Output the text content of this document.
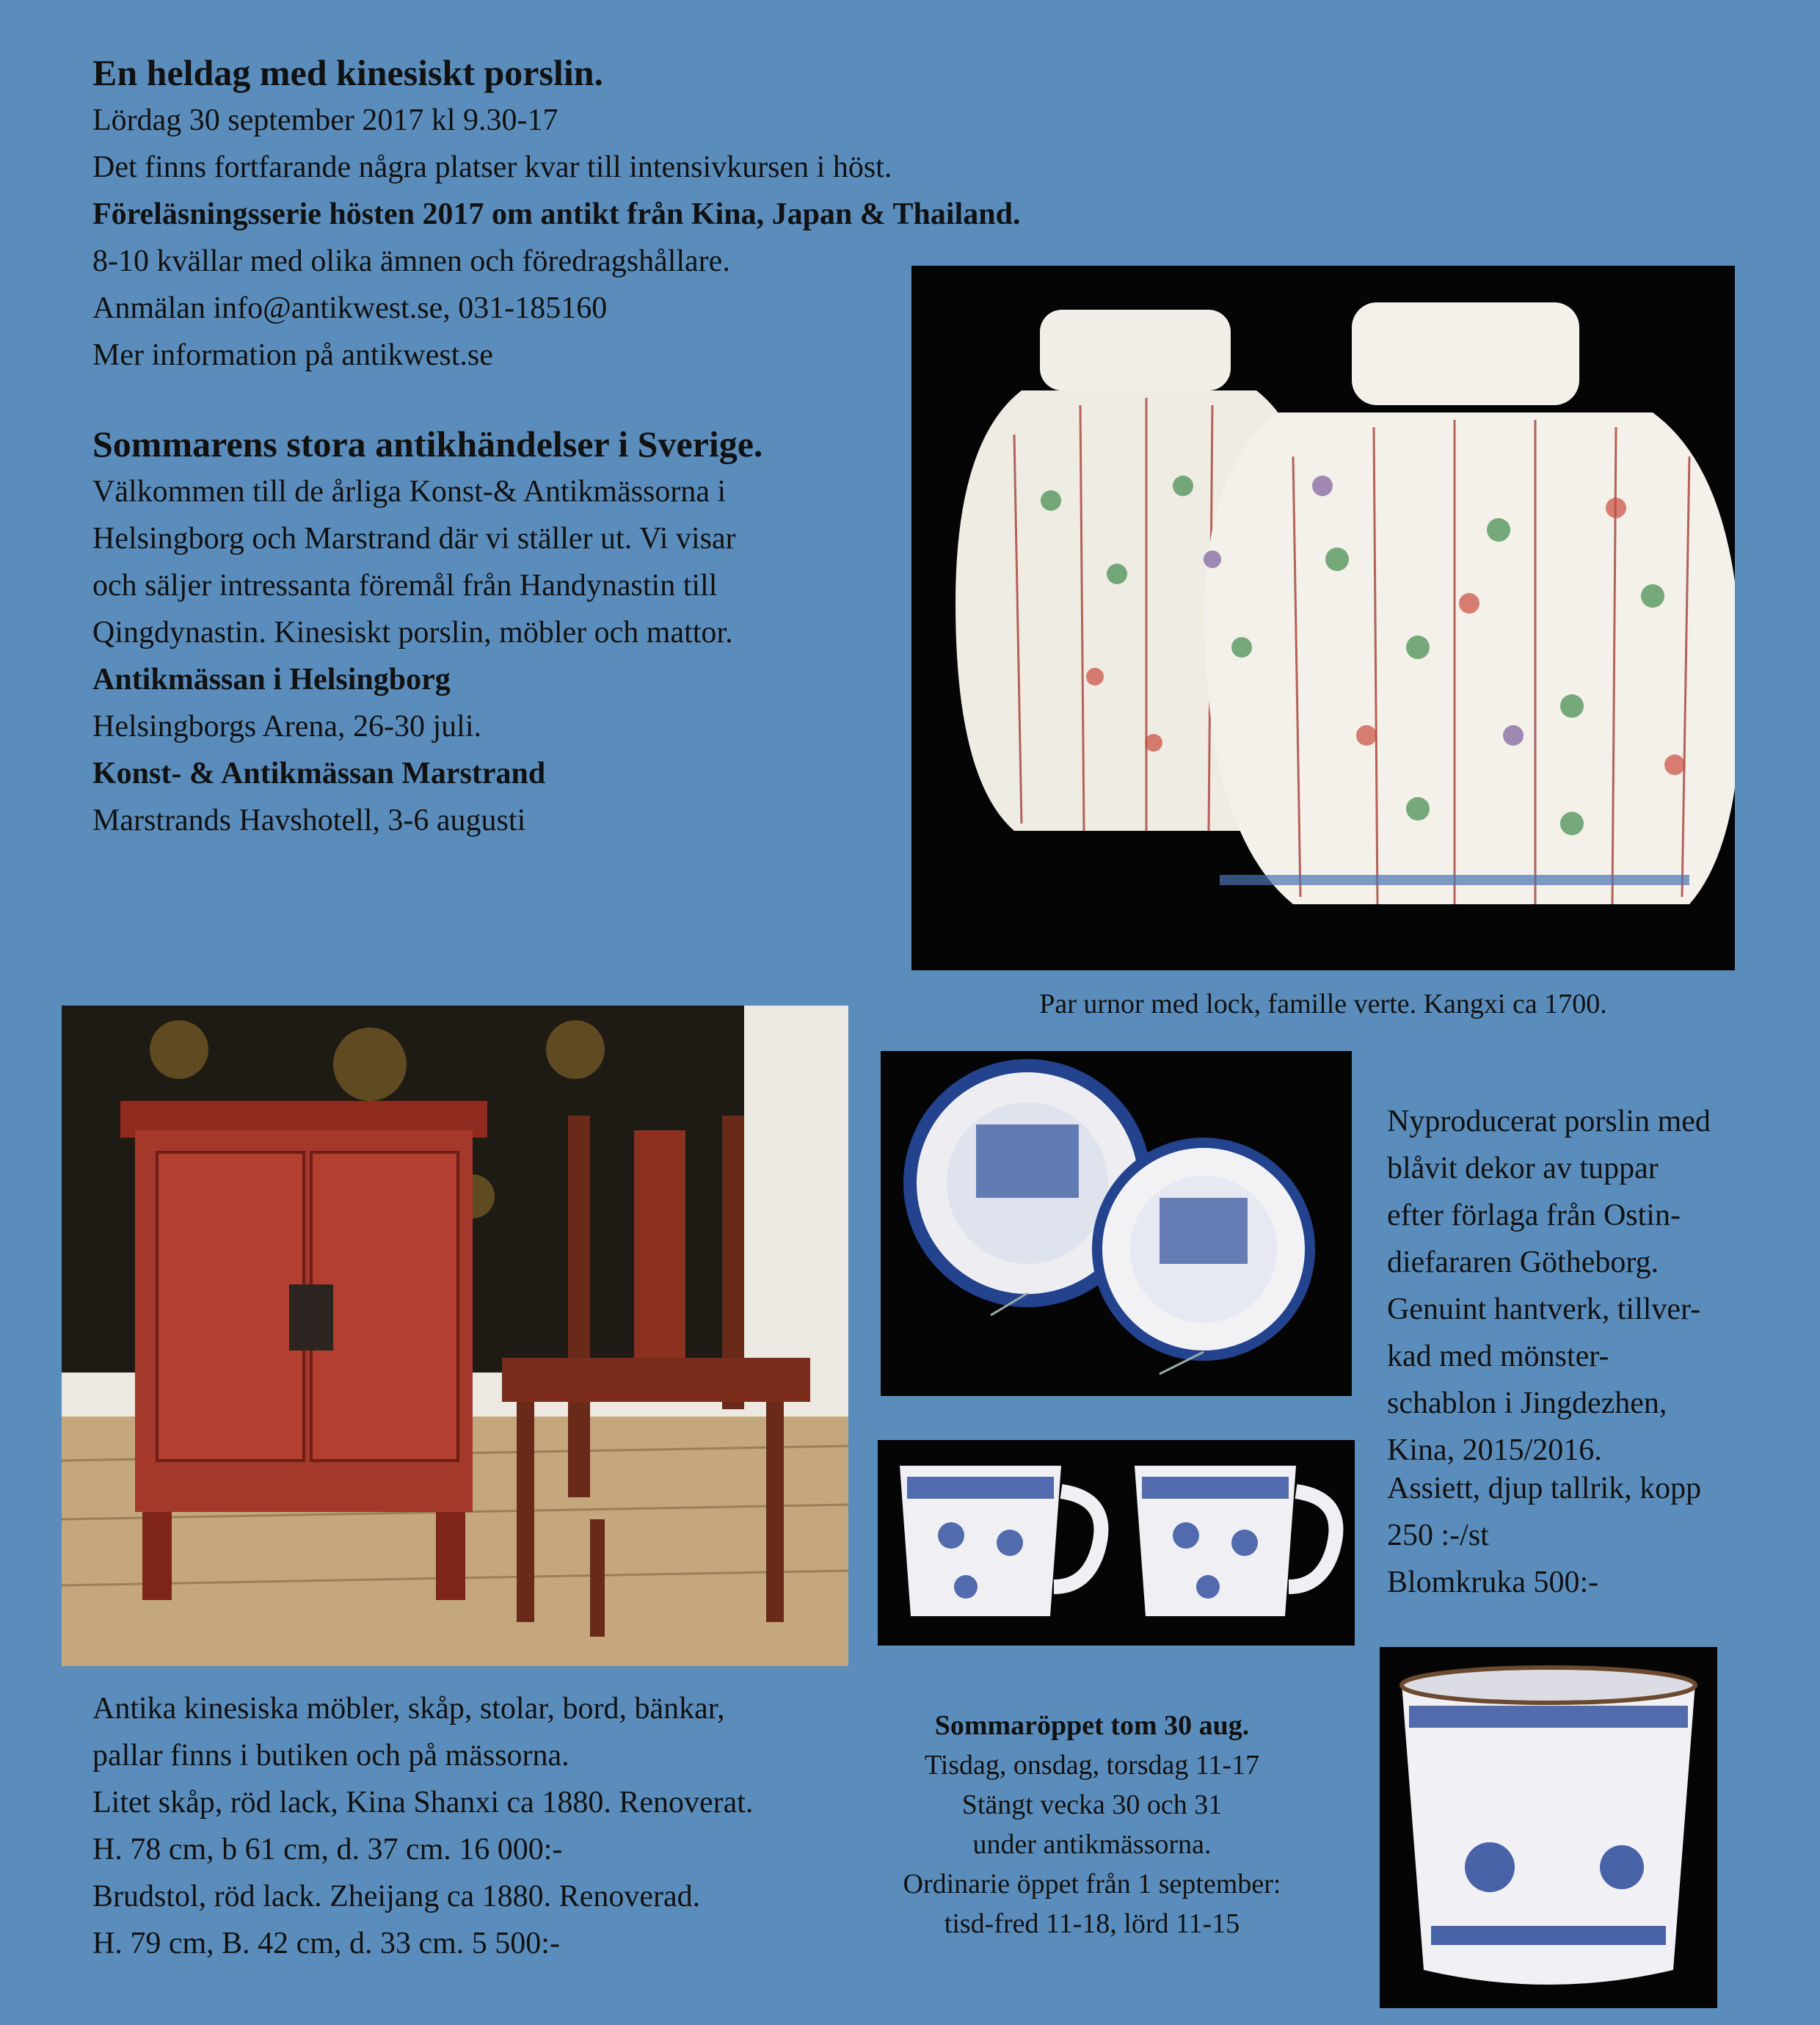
En heldag med kinesiskt porslin.
Lördag 30 september 2017 kl 9.30-17
Det finns fortfarande några platser kvar till intensivkursen i höst.
Föreläsningsserie hösten 2017 om antikt från Kina, Japan & Thailand.
8-10 kvällar med olika ämnen och föredragshållare.
Anmälan info@antikwest.se, 031-185160
Mer information på antikwest.se
Sommarens stora antikhändelser i Sverige.
Välkommen till de årliga Konst-& Antikmässorna i
Helsingborg och Marstrand där vi ställer ut. Vi visar
och säljer intressanta föremål från Handynastin till
Qingdynastin. Kinesiskt porslin, möbler och mattor.
Antikmässan i Helsingborg
Helsingborgs Arena, 26-30 juli.
Konst- & Antikmässan Marstrand
Marstrands Havshotell, 3-6 augusti
Par urnor med lock, famille verte. Kangxi ca 1700.
Nyproducerat porslin med
blåvit dekor av tuppar
efter förlaga från Ostin-
diefararen Götheborg.
Genuint hantverk, tillver-
kad med mönster-
schablon i Jingdezhen,
Kina, 2015/2016.
Assiett, djup tallrik, kopp
250 :-/st
Blomkruka 500:-
Antika kinesiska möbler, skåp, stolar, bord, bänkar,
pallar finns i butiken och på mässorna.
Litet skåp, röd lack, Kina Shanxi ca 1880. Renoverat.
H. 78 cm, b 61 cm, d. 37 cm. 16 000:-
Brudstol, röd lack. Zheijang ca 1880. Renoverad.
H. 79 cm, B. 42 cm, d. 33 cm. 5 500:-
Sommaröppet tom 30 aug.
Tisdag, onsdag, torsdag 11-17
Stängt vecka 30 och 31
under antikmässorna.
Ordinarie öppet från 1 september:
tisd-fred 11-18, lörd 11-15
